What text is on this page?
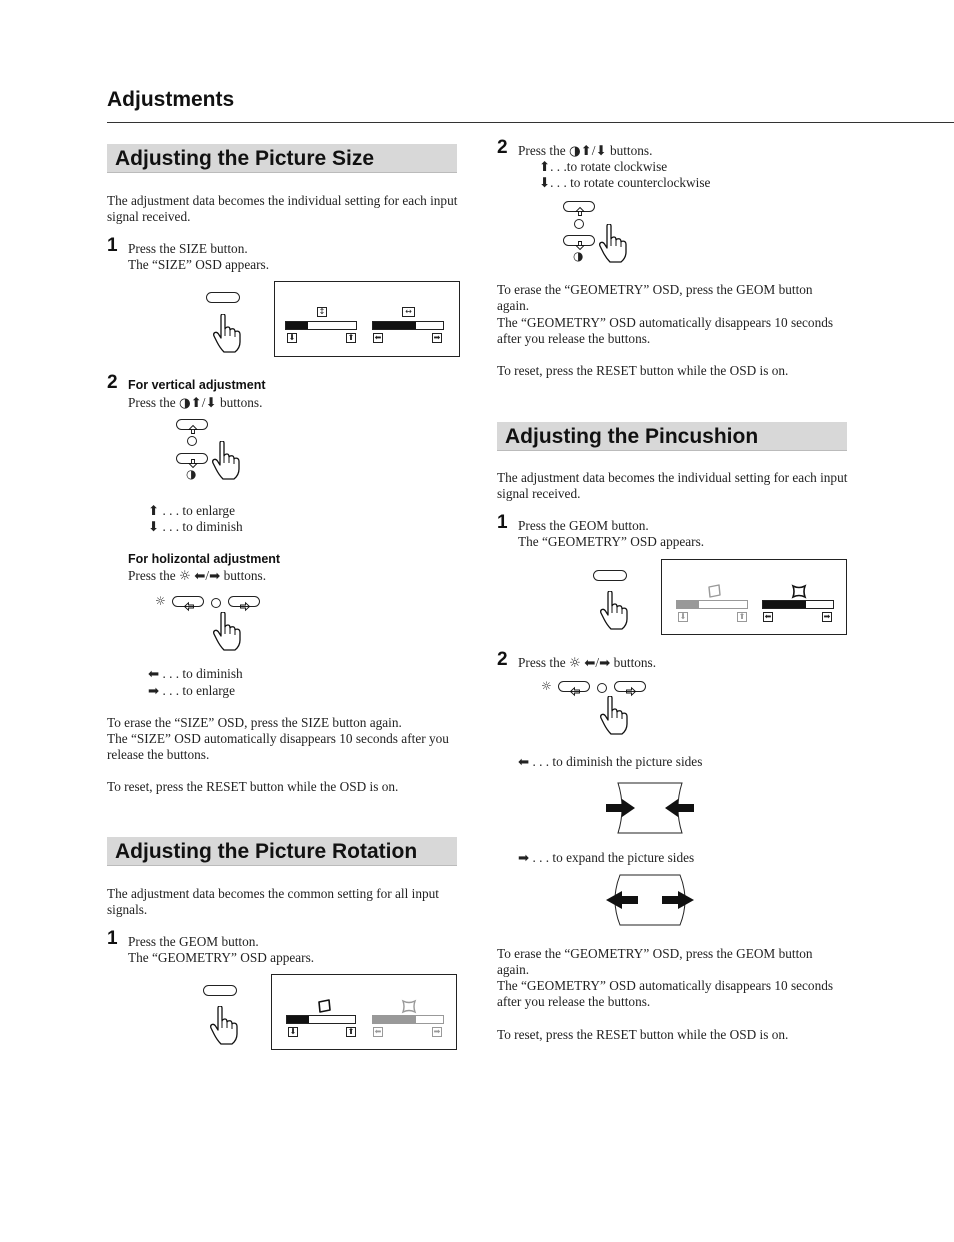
Adjustments
Adjusting the Picture Size
The adjustment data becomes the individual setting for each input signal received.
1 Press the SIZE button.
The “SIZE” OSD appears.
↕	↔
⬇	⬆	⬅	➡
2 For vertical adjustment
Press the ◑⬆/⬇ buttons.
◑
⬆ . . . to enlarge
⬇ . . . to diminish
For holizontal adjustment
Press the ☼ ⬅/➡ buttons.
☼
⬅ . . . to diminish
➡ . . . to enlarge
To erase the “SIZE” OSD, press the SIZE button again.
The “SIZE” OSD automatically disappears 10 seconds after you release the buttons.
To reset, press the RESET button while the OSD is on.
Adjusting the Picture Rotation
The adjustment data becomes the common setting for all input signals.
1 Press the GEOM button.
The “GEOMETRY” OSD appears.
⬇	⬆	⬅	➡
2 Press the ◑⬆/⬇ buttons.
⬆. . .to rotate clockwise
⬇. . . to rotate counterclockwise
◑
To erase the “GEOMETRY” OSD, press the GEOM button again.
The “GEOMETRY” OSD automatically disappears 10 seconds after you release the buttons.
To reset, press the RESET button while the OSD is on.
Adjusting the Pincushion
The adjustment data becomes the individual setting for each input signal received.
1 Press the GEOM button.
The “GEOMETRY” OSD appears.
⬇	⬆ ⬅	➡
2 Press the ☼ ⬅/➡ buttons.
☼
⬅ . . . to diminish the picture sides
➡ . . . to expand the picture sides
To erase the “GEOMETRY” OSD, press the GEOM button again.
The “GEOMETRY” OSD automatically disappears 10 seconds after you release the buttons.
To reset, press the RESET button while the OSD is on.
